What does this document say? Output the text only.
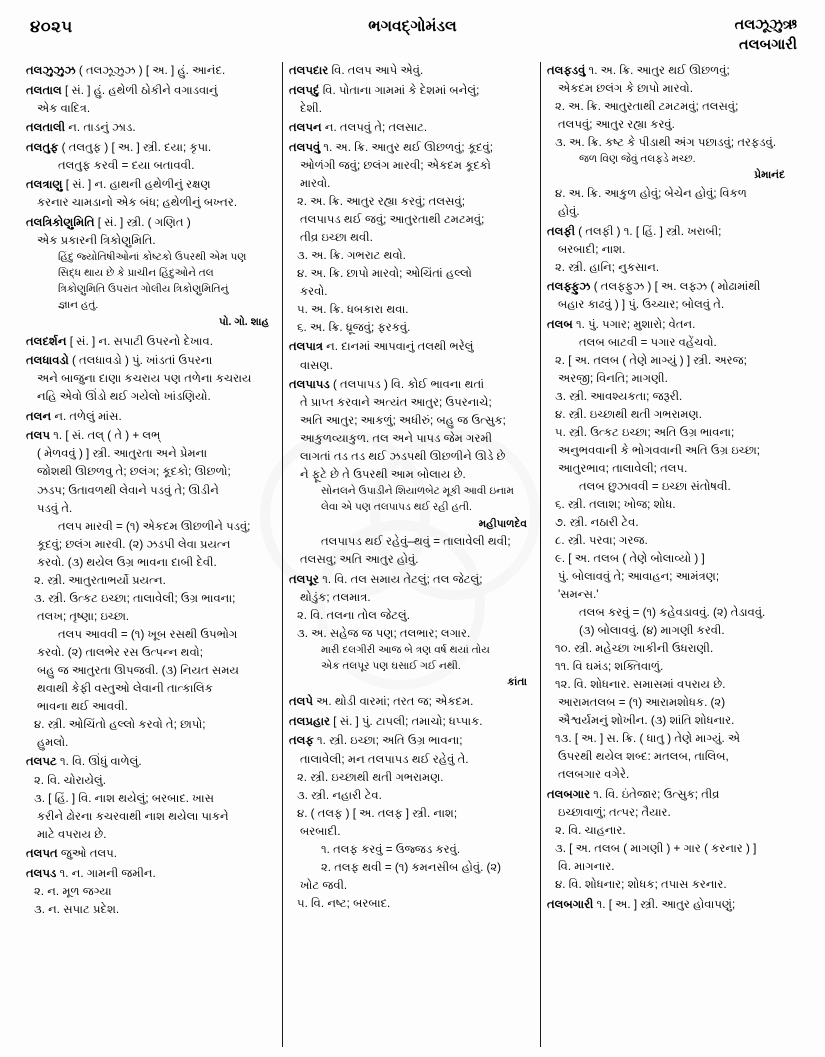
૪૦૨૫	ભગવદ્ગોમંડલ	તલઝૂઝુઋ
તલબગારી

તલઝુઝુઝ ( તલઝૂઝુઝ ) [ અ. ] હું. આનંદ.

તલતાલ [ સં. ] હું. હથેળી ઠોકીને વગાડવાનું

એક વાદિત્ર.

તલતાલી ન. તાડનું ઝાડ.

તલતુફ ( તલતુફ ) [ અ. ] સ્ત્રી. દયા; કૃપા.

તલતુફ કરવી = દયા બતાવવી.

તલત્રાણુ [ સં. ] ન. હાથની હથેળીનું રક્ષણ

કરનાર ચામડાનો એક બંધ; હથેળીનું બખ્તર.

તલત્રિકોણુમિતિ [ સં. ] સ્ત્રી. ( ગણિત )

એક પ્રકારની ત્રિકોણુમિતિ.

હિંદુ જ્યોતિષીઓનાં કોષ્ટકો ઉપરથી એમ પણ

સિદ્ધ થાય છે કે પ્રાચીન હિંદુઓને તલ

ત્રિકોણુમિતિ ઉપરાંત ગોલીય ત્રિકોણુમિતિનું

જ્ઞાન હતું.

પો. ગો. શાહ

તલદર્શન [ સં. ] ન. સપાટી ઉપરનો દેખાવ.

તલધાવડો ( તલધાવડો ) પું. ખાંડતાં ઉપરના

અને બાજુના દાણા કચરાય પણ તળેના કચરાય

નહિ એવો ઊંડો થઈ ગયેલો ખાંડણિયો.

તલન ન. તળેલું માંસ.

તલપ ૧. [ સં. તલ્ ( તે ) + લભ્

( મેળવવું ) ] સ્ત્રી. આતુરતા અને પ્રેમના

જોશથી ઊછળવુ તે; છલંગ; કૂદકો; ઊછળો;

ઝડપ; ઉતાવળથી લેવાને પડવું તે; ઊડીને

પડવું તે.

તલપ મારવી = (૧) એકદમ ઊછળીને પડવું;

કૂદવું; છલંગ મારવી. (૨) ઝડપી લેવા પ્રયત્ન

કરવો. (૩) થયેલ ઉગ્ર ભાવના દાબી દેવી.

૨. સ્ત્રી. આતુરતાભર્યો પ્રયત્ન.

૩. સ્ત્રી. ઉત્કટ ઇચ્છા; તાલાવેલી; ઉગ્ર ભાવના;

તલખ; તૃષ્ણા; ઇચ્છા.

તલપ આવવી = (૧) ખૂબ રસથી ઉપભોગ

કરવો. (૨) તાલભેર રસ ઉત્પન્ન થવો;

બહુ જ આતુરતા ઊપજવી. (૩) નિયત સમય

થવાથી કેફી વસ્તુઓ લેવાની તાત્કાલિક

ભાવના થઈ આવવી.

૪. સ્ત્રી. ઓચિંતો હલ્લો કરવો તે; છાપો;

હુમલો.

તલપટ ૧. વિ. ઊંધું વાળેલું.

૨. વિ. ચોરાયેલું.

૩. [ હિં. ] વિ. નાશ થયેલું; બરબાદ. ખાસ

કરીને ઢોરના કચરવાથી નાશ થયેલા પાકને

માટે વપરાય છે.

તલપત જુઓ તલપ.

તલપડ ૧. ન. ગામની જમીન.

૨. ન. મૂળ જગ્યા

૩. ન. સપાટ પ્રદેશ.

તલપદાર વિ. તલપ આપે એવું.

તલપદું વિ. પોતાના ગામમાં કે દેશમાં બનેલું;

દેશી.

તલપન ન. તલપવું તે; તલસાટ.

તલપવું ૧. અ. ક્રિ. આતુર થઈ ઊછળવું; કૂદવું;

ઓળંગી જવું; છલંગ મારવી; એકદમ કૂદકો

મારવો.

૨. અ. ક્રિ. આતુર રહ્યા કરવું; તલસવું;

તલપાપડ થઈ જવું; આતુરતાથી ટમટમવું;

તીવ્ર ઇચ્છા થવી.

૩. અ. ક્રિ. ગભરાટ થવો.

૪. અ. ક્રિ. છાપો મારવો; ઓચિંતાં હલ્લો

કરવો.

૫. અ. ક્રિ. ધબકારા થવા.

૬. અ. ક્રિ. ધ્રૂજવું; ફરકવું.

તલપાત્ર ન. દાનમાં આપવાનું તલથી ભરેલું

વાસણ.

તલપાપડ ( તલપાપડ ) વિ. કોઈ ભાવના થતાં

તે પ્રાપ્ત કરવાને અત્યંત આતુર; ઉપરનાચે;

અતિ આતુર; આકળું; અધીરું; બહુ જ ઉત્સુક;

આકુળવ્યાકુળ. તલ અને પાપડ જેમ ગરમી

લાગતાં તડ તડ થઈ ઝડપથી ઊછળીને ઊડે છે

ને ફૂટે છે તે ઉપરથી આમ બોલાય છે.

સોનલને ઉપાડીને શિયાળબેટ મૂકી આવી ઇનામ

લેવા એ પણ તલપાપડ થઈ રહી હતી.

મહીપાળદેવ

તલપાપડ થઈ રહેવું–થવું = તાલાવેલી થવી;

તલસવુ; અતિ આતુર હોવું.

તલપૂર ૧. વિ. તલ સમાય તેટલું; તલ જેટલું;

થોડુંક; તલમાત્ર.

૨. વિ. તલના તોલ જેટલું.

૩. અ. સહેજ જ પણ; તલભાર; લગાર.

મારી દલગીરી આજ બે ત્રણ વર્ષ થયાં તોય

એક તલપૂર પણ ઘસાઈ ગઈ નથી.

કાંતા

તલપે અ. થોડી વારમાં; તરત જ; એકદમ.

તલપ્રહાર [ સં. ] પું. ટાપલી; તમાચો; ધપ્પાક.

તલફ ૧. સ્ત્રી. ઇચ્છા; અતિ ઉગ્ર ભાવના;

તાલાવેલી; મન તલપાપડ થઈ રહેવું તે.

૨. સ્ત્રી. ઇચ્છાથી થતી ગભરામણ.

૩. સ્ત્રી. નહારી ટેવ.

૪. ( તલફ ) [ અ. તલફ ] સ્ત્રી. નાશ;

બરબાદી.

૧. તલફ કરવું = ઉજ્જડ કરવું.

૨. તલફ થવી = (૧) કમનસીબ હોવું. (૨)

ખોટ જવી.

૫. વિ. નષ્ટ; બરબાદ.

તલફડવું ૧. અ. ક્રિ. આતુર થઈ ઊછળવું;

એકદમ છલંગ કે છાપો મારવો.

૨. અ. ક્રિ. આતુરતાથી ટમટમવું; તલસવું;

તલપવું; આતુર રહ્યા કરવું.

૩. અ. ક્રિ. કષ્ટ કે પીડાથી અંગ પછાડવું; તરફડવું.

જળ વિણ જેવું તલફડે મચ્છ.

પ્રેમાનંદ

૪. અ. ક્રિ. આકુળ હોવું; બેચેન હોવું; વિકળ

હોવું.

તલફી ( તલફી ) ૧. [ હિં. ] સ્ત્રી. ખરાબી;

બરબાદી; નાશ.

૨. સ્ત્રી. હાનિ; નુકસાન.

તલફ્ફુઝ ( તલફ્ફુઝ ) [ અ. લફ્ઝ ( મોઢામાંથી

બહાર કાઢવું ) ] પું. ઉચ્ચાર; બોલવું તે.

તલબ ૧. પું. પગાર; મુશારો; વેતન.

તલબ બાટવી = પગાર વહેંચવો.

૨. [ અ. તલબ ( તેણે માગ્યું ) ] સ્ત્રી. અરજ;

અરજી; વિનતિ; માગણી.

૩. સ્ત્રી. આવશ્યકતા; જરૂરી.

૪. સ્ત્રી. ઇચ્છાથી થતી ગભરામણ.

૫. સ્ત્રી. ઉત્કટ ઇચ્છા; અતિ ઉગ્ર ભાવના;

અનુભવવાની કે ભોગવવાની અતિ ઉગ્ર ઇચ્છા;

આતુરભાવ; તાલાવેલી; તલપ.

તલબ છુઝાવવી = ઇચ્છા સંતોષવી.

૬. સ્ત્રી. તલાશ; ખોજ; શોધ.

૭. સ્ત્રી. નઠારી ટેવ.

૮. સ્ત્રી. પરવા; ગરજ.

૯. [ અ. તલબ ( તેણે બોલાવ્યો ) ]

પું. બોલાવવું તે; આવાહન; આમંત્રણ;

'સમન્સ.'

તલબ કરવું = (૧) કહેવડાવવું. (૨) તેડાવવું.

(૩) બોલાવવું. (૪) માગણી કરવી.

૧૦. સ્ત્રી. મહેચ્છા ખાકીની ઉધરાણી.

૧૧. વિ ઘમંડ; શક્તિવાળું.

૧૨. વિ. શોધનાર. સમાસમાં વપરાય છે.

આરામતલબ = (૧) આરામશોધક. (૨)

ઐશ્વર્યમનું શોખીન. (૩) શાંતિ શોધનાર.

૧૩. [ અ. ] સ. ક્રિ. ( ધાતુ ) તેણે માગ્યું. એ

ઉપરથી થયેલ શબ્દ: મતલબ, તાલિબ,

તલબગાર વગેરે.

તલબગાર ૧. વિ. ઇંતેજાર; ઉત્સુક; તીવ્ર

ઇચ્છાવાળું; તત્પર; તૈયાર.

૨. વિ. ચાહનાર.

૩. [ અ. તલબ ( માગણી ) + ગાર ( કરનાર ) ]

વિ. માગનાર.

૪. વિ. શોધનાર; શોધક; તપાસ કરનાર.

તલબગારી ૧. [ અ. ] સ્ત્રી. આતુર હોવાપણું;
